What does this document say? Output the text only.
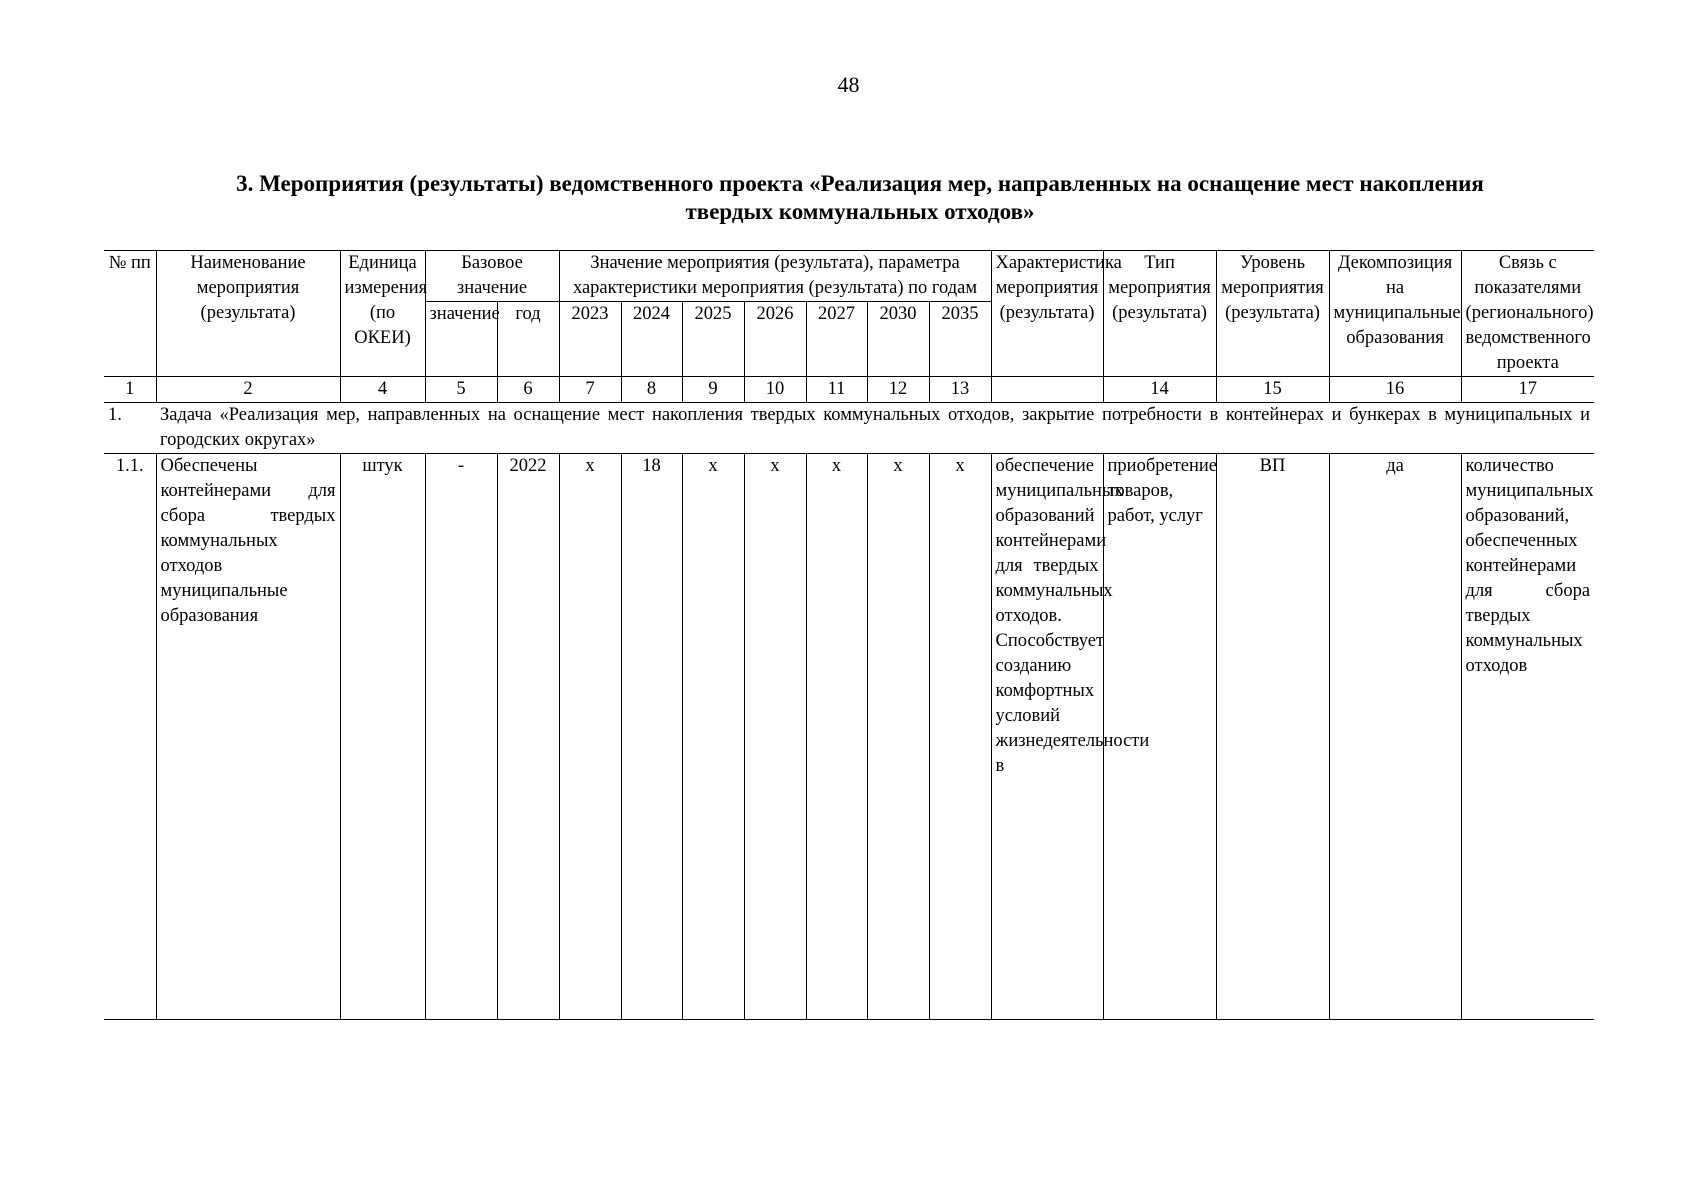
48
3. Мероприятия (результаты) ведомственного проекта «Реализация мер, направленных на оснащение мест накопления
твердых коммунальных отходов»
№ пп	Наименование мероприятия (результата)	Единица измерения (по ОКЕИ)	Базовое значение		Значение мероприятия (результата), параметра характеристики мероприятия (результата) по годам							Характеристика мероприятия (результата)	Тип мероприятия (результата)	Уровень мероприятия (результата)	Декомпозиция на муниципальные образования	Связь с показателями (регионального) ведомственного проекта
					2023	2024	2025	2026	2027	2030	2035					
			значение	год												
1	2	4	5	6	7	8	9	10	11	12	13		14	15	16	17
1.	Задача «Реализация мер, направленных на оснащение мест накопления твердых коммунальных отходов, закрытие потребности в контейнерах и бункерах в муниципальных и городских округах»															
1.1.	Обеспечены контейнерами для сбора твердых коммунальных отходов муниципальные образования	штук	-	2022	х	18	х	х	х	х	х	обеспечение муниципальных образований контейнерами для твердых коммунальных отходов. Способствует созданию комфортных условий жизнедеятельности в	приобретение товаров, работ, услуг	ВП	да	количество муниципальных образований, обеспеченных контейнерами для сбора твердых коммунальных отходов
